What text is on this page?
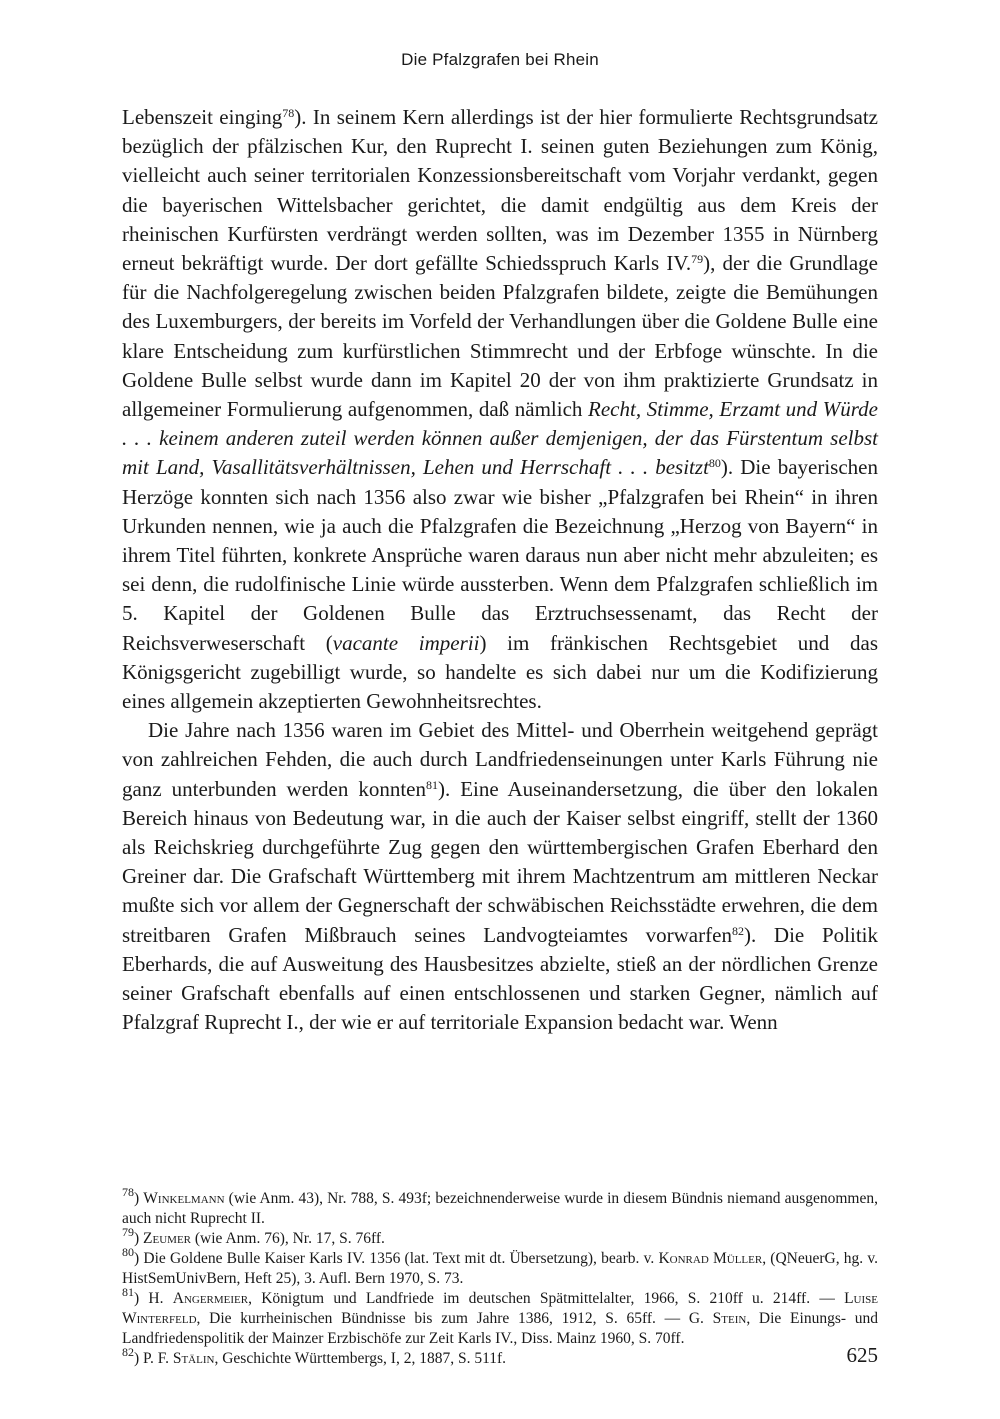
Die Pfalzgrafen bei Rhein

Lebenszeit einging$^{78}$). In seinem Kern allerdings ist der hier formulierte Rechtsgrundsatz bezüglich der pfälzischen Kur, den Ruprecht I. seinen guten Beziehungen zum König, vielleicht auch seiner territorialen Konzessionsbereitschaft vom Vorjahr verdankt, gegen die bayerischen Wittelsbacher gerichtet, die damit endgültig aus dem Kreis der rheinischen Kurfürsten verdrängt werden sollten, was im Dezember 1355 in Nürnberg erneut bekräftigt wurde. Der dort gefällte Schiedsspruch Karls IV.$^{79}$), der die Grundlage für die Nachfolgeregelung zwischen beiden Pfalzgrafen bildete, zeigte die Bemühungen des Luxemburgers, der bereits im Vorfeld der Verhandlungen über die Goldene Bulle eine klare Entscheidung zum kurfürstlichen Stimmrecht und der Erbfoge wünschte. In die Goldene Bulle selbst wurde dann im Kapitel 20 der von ihm praktizierte Grundsatz in allgemeiner Formulierung aufgenommen, daß nämlich Recht, Stimme, Erzamt und Würde . . . keinem anderen zuteil werden können außer demjenigen, der das Fürstentum selbst mit Land, Vasallitätsverhältnissen, Lehen und Herrschaft . . . besitzt$^{80}$). Die bayerischen Herzöge konnten sich nach 1356 also zwar wie bisher „Pfalzgrafen bei Rhein“ in ihren Urkunden nennen, wie ja auch die Pfalzgrafen die Bezeichnung „Herzog von Bayern“ in ihrem Titel führten, konkrete Ansprüche waren daraus nun aber nicht mehr abzuleiten; es sei denn, die rudolfinische Linie würde aussterben. Wenn dem Pfalzgrafen schließlich im 5. Kapitel der Goldenen Bulle das Erztruchsessenamt, das Recht der Reichsverweserschaft (vacante imperii) im fränkischen Rechtsgebiet und das Königsgericht zugebilligt wurde, so handelte es sich dabei nur um die Kodifizierung eines allgemein akzeptierten Gewohnheitsrechtes.

Die Jahre nach 1356 waren im Gebiet des Mittel- und Oberrhein weitgehend geprägt von zahlreichen Fehden, die auch durch Landfriedenseinungen unter Karls Führung nie ganz unterbunden werden konnten$^{81}$). Eine Auseinandersetzung, die über den lokalen Bereich hinaus von Bedeutung war, in die auch der Kaiser selbst eingriff, stellt der 1360 als Reichskrieg durchgeführte Zug gegen den württembergischen Grafen Eberhard den Greiner dar. Die Grafschaft Württemberg mit ihrem Machtzentrum am mittleren Neckar mußte sich vor allem der Gegnerschaft der schwäbischen Reichsstädte erwehren, die dem streitbaren Grafen Mißbrauch seines Landvogteiamtes vorwarfen$^{82}$). Die Politik Eberhards, die auf Ausweitung des Hausbesitzes abzielte, stieß an der nördlichen Grenze seiner Grafschaft ebenfalls auf einen entschlossenen und starken Gegner, nämlich auf Pfalzgraf Ruprecht I., der wie er auf territoriale Expansion bedacht war. Wenn

$^{78}$) Winkelmann (wie Anm. 43), Nr. 788, S. 493f; bezeichnenderweise wurde in diesem Bündnis niemand ausgenommen, auch nicht Ruprecht II.

$^{79}$) Zeumer (wie Anm. 76), Nr. 17, S. 76ff.

$^{80}$) Die Goldene Bulle Kaiser Karls IV. 1356 (lat. Text mit dt. Übersetzung), bearb. v. Konrad Müller, (QNeuerG, hg. v. HistSemUnivBern, Heft 25), 3. Aufl. Bern 1970, S. 73.

$^{81}$) H. Angermeier, Königtum und Landfriede im deutschen Spätmittelalter, 1966, S. 210ff u. 214ff. — Luise Winterfeld, Die kurrheinischen Bündnisse bis zum Jahre 1386, 1912, S. 65ff. — G. Stein, Die Einungs- und Landfriedenspolitik der Mainzer Erzbischöfe zur Zeit Karls IV., Diss. Mainz 1960, S. 70ff.

$^{82}$) P. F. Stälin, Geschichte Württembergs, I, 2, 1887, S. 511f.	625
